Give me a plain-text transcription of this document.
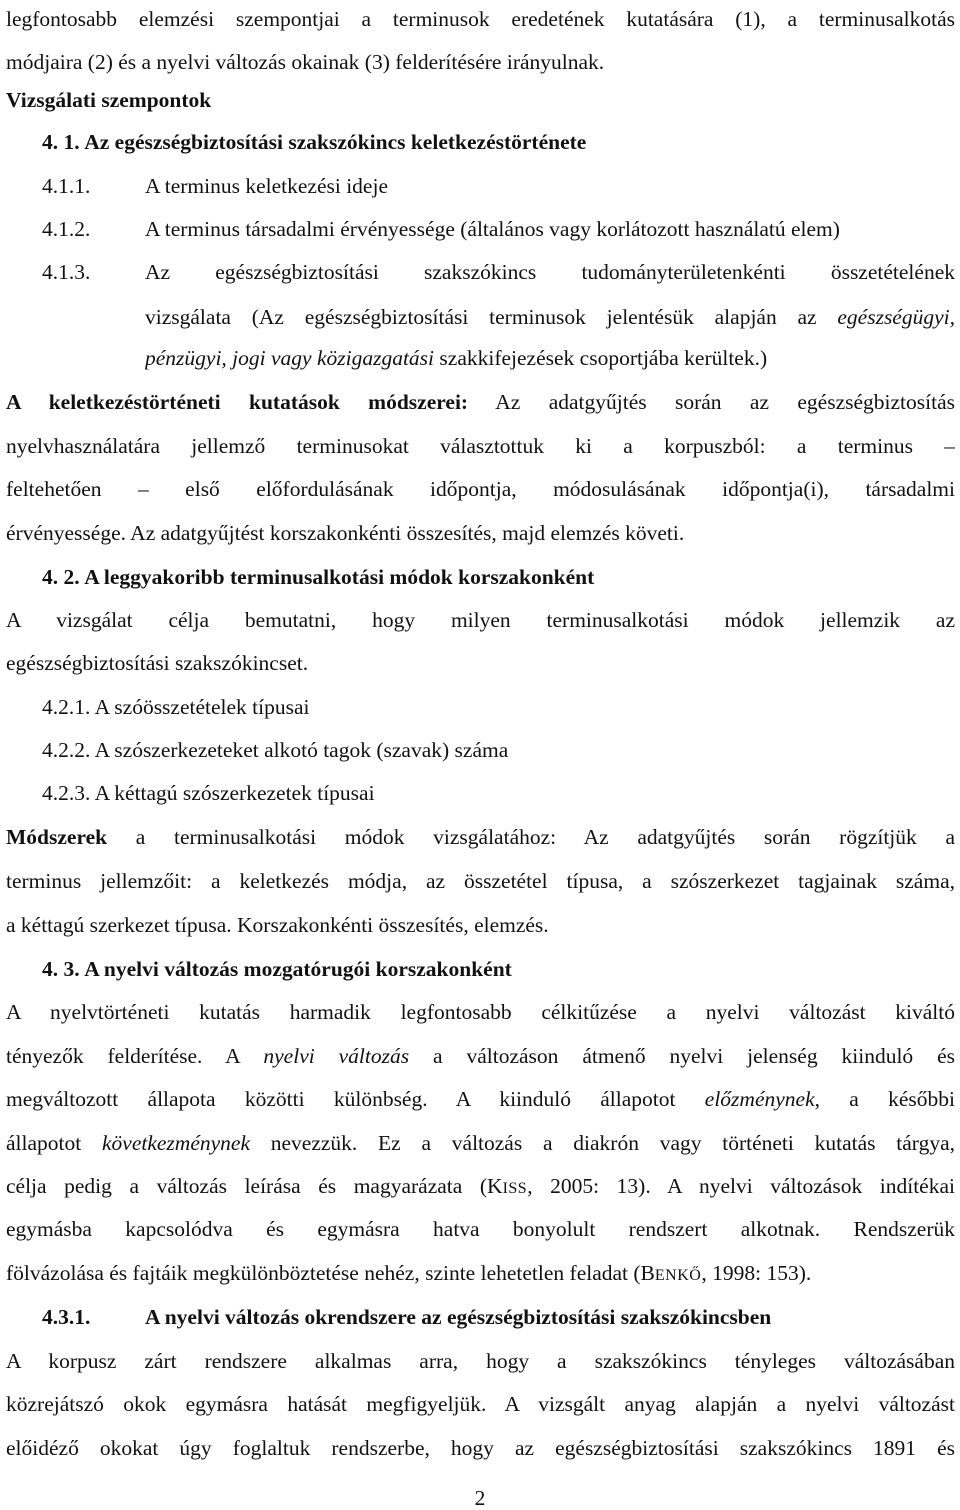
legfontosabb elemzési szempontjai a terminusok eredetének kutatására (1), a terminusalkotás
módjaira (2) és a nyelvi változás okainak (3) felderítésére irányulnak.
Vizsgálati szempontok
4. 1. Az egészségbiztosítási szakszókincs keletkezéstörténete
4.1.1.	A terminus keletkezési ideje
4.1.2.	A terminus társadalmi érvényessége (általános vagy korlátozott használatú elem)
4.1.3.	Az egészségbiztosítási szakszókincs tudományterületenkénti összetételének
vizsgálata (Az egészségbiztosítási terminusok jelentésük alapján az egészségügyi,
pénzügyi, jogi vagy közigazgatási szakkifejezések csoportjába kerültek.)
A keletkezéstörténeti kutatások módszerei: Az adatgyűjtés során az egészségbiztosítás
nyelvhasználatára jellemző terminusokat választottuk ki a korpuszból: a terminus –
feltehetően – első előfordulásának időpontja, módosulásának időpontja(i), társadalmi
érvényessége. Az adatgyűjtést korszakonkénti összesítés, majd elemzés követi.
4. 2. A leggyakoribb terminusalkotási módok korszakonként
A vizsgálat célja bemutatni, hogy milyen terminusalkotási módok jellemzik az
egészségbiztosítási szakszókincset.
4.2.1. A szóösszetételek típusai
4.2.2. A szószerkezeteket alkotó tagok (szavak) száma
4.2.3. A kéttagú szószerkezetek típusai
Módszerek a terminusalkotási módok vizsgálatához: Az adatgyűjtés során rögzítjük a
terminus jellemzőit: a keletkezés módja, az összetétel típusa, a szószerkezet tagjainak száma,
a kéttagú szerkezet típusa. Korszakonkénti összesítés, elemzés.
4. 3. A nyelvi változás mozgatórugói korszakonként
A nyelvtörténeti kutatás harmadik legfontosabb célkitűzése a nyelvi változást kiváltó
tényezők felderítése. A nyelvi változás a változáson átmenő nyelvi jelenség kiinduló és
megváltozott állapota közötti különbség. A kiinduló állapotot előzménynek, a későbbi
állapotot következménynek nevezzük. Ez a változás a diakrón vagy történeti kutatás tárgya,
célja pedig a változás leírása és magyarázata (KISS, 2005: 13). A nyelvi változások indítékai
egymásba kapcsolódva és egymásra hatva bonyolult rendszert alkotnak. Rendszerük
fölvázolása és fajtáik megkülönböztetése nehéz, szinte lehetetlen feladat (BENKŐ, 1998: 153).
4.3.1.	A nyelvi változás okrendszere az egészségbiztosítási szakszókincsben
A korpusz zárt rendszere alkalmas arra, hogy a szakszókincs tényleges változásában
közrejátszó okok egymásra hatását megfigyeljük. A vizsgált anyag alapján a nyelvi változást
előidéző okokat úgy foglaltuk rendszerbe, hogy az egészségbiztosítási szakszókincs 1891 és
2
